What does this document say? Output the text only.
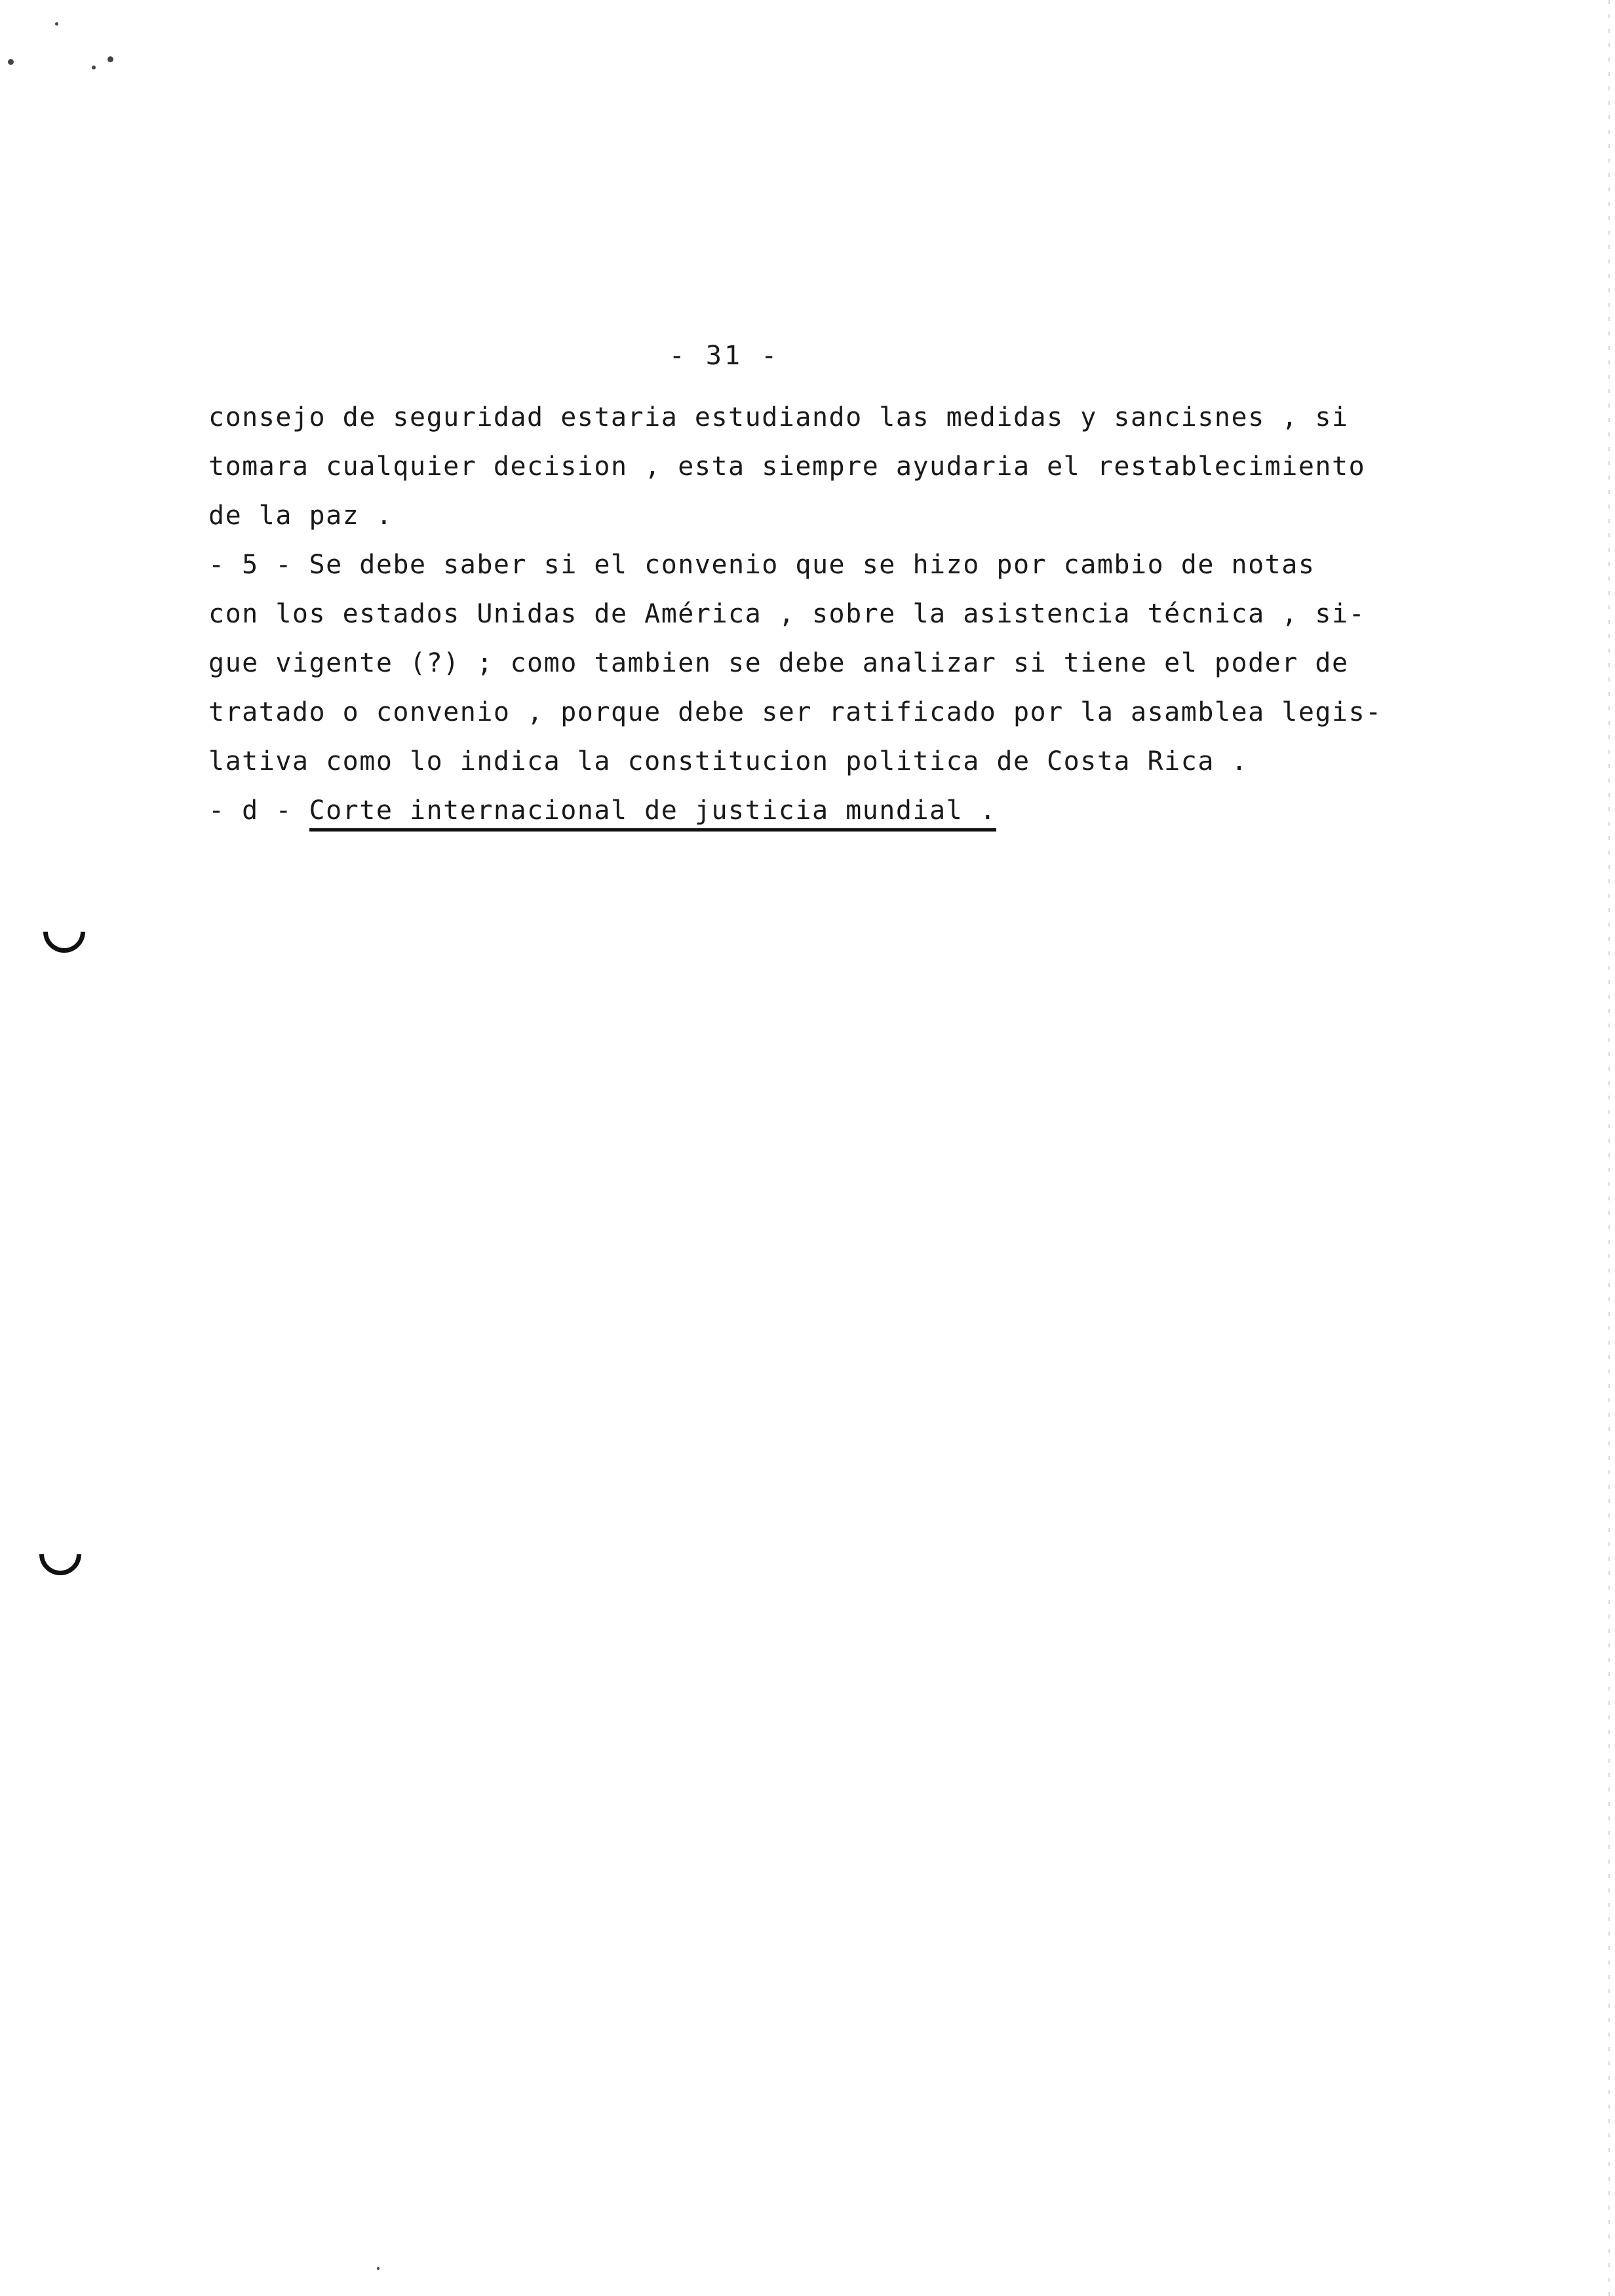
- 31 -
consejo de seguridad estaria estudiando las medidas y sancisnes , si
tomara cualquier decision , esta siempre ayudaria el restablecimiento
de la paz .
- 5 - Se debe saber si el convenio que se hizo por cambio de notas
con los estados Unidas de América , sobre la asistencia técnica , si-
gue vigente (?) ; como tambien se debe analizar si tiene el poder de
tratado o convenio , porque debe ser ratificado por la asamblea legis-
lativa como lo indica la constitucion politica de Costa Rica .
- d - Corte internacional de justicia mundial .
